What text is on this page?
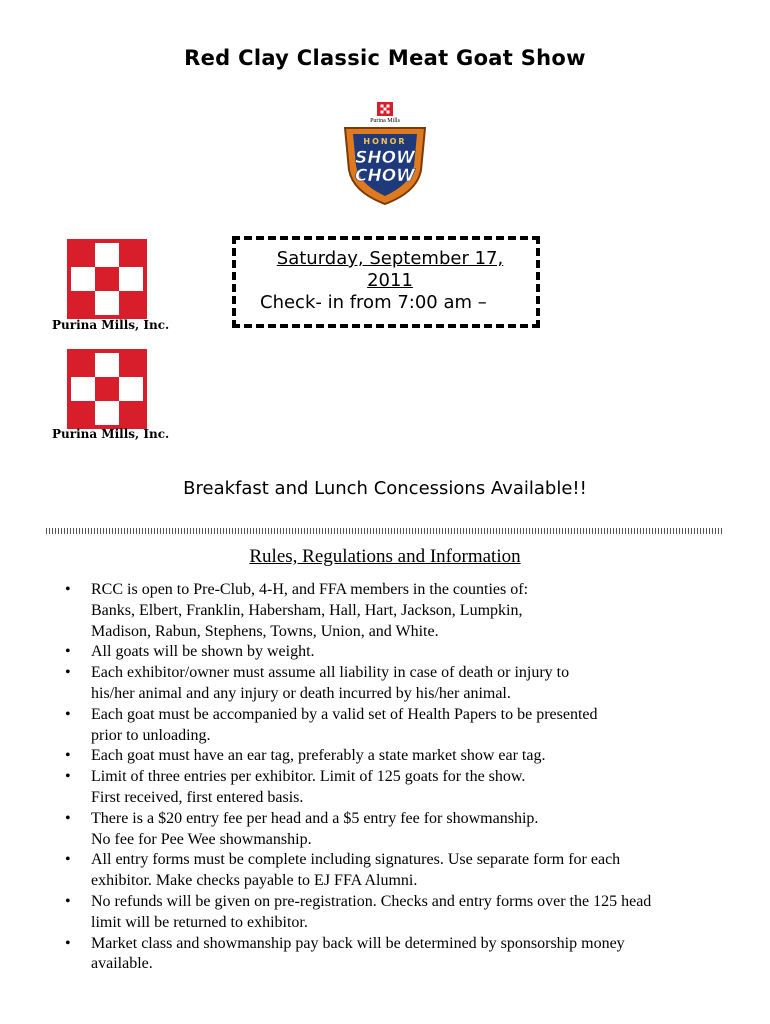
Red Clay Classic Meat Goat Show
Purina Mills
HONOR
SHOW
CHOW
Purina Mills, Inc.
Purina Mills, Inc.
Saturday, September 17,
2011
Check- in from 7:00 am –
Breakfast and Lunch Concessions Available!!
Rules, Regulations and Information
• RCC is open to Pre-Club, 4-H, and FFA members in the counties of:
Banks, Elbert, Franklin, Habersham, Hall, Hart, Jackson, Lumpkin,
Madison, Rabun, Stephens, Towns, Union, and White.
• All goats will be shown by weight.
• Each exhibitor/owner must assume all liability in case of death or injury to
his/her animal and any injury or death incurred by his/her animal.
• Each goat must be accompanied by a valid set of Health Papers to be presented
prior to unloading.
• Each goat must have an ear tag, preferably a state market show ear tag.
• Limit of three entries per exhibitor. Limit of 125 goats for the show.
First received, first entered basis.
• There is a $20 entry fee per head and a $5 entry fee for showmanship.
No fee for Pee Wee showmanship.
• All entry forms must be complete including signatures. Use separate form for each
exhibitor. Make checks payable to EJ FFA Alumni.
• No refunds will be given on pre-registration. Checks and entry forms over the 125 head
limit will be returned to exhibitor.
• Market class and showmanship pay back will be determined by sponsorship money
available.
